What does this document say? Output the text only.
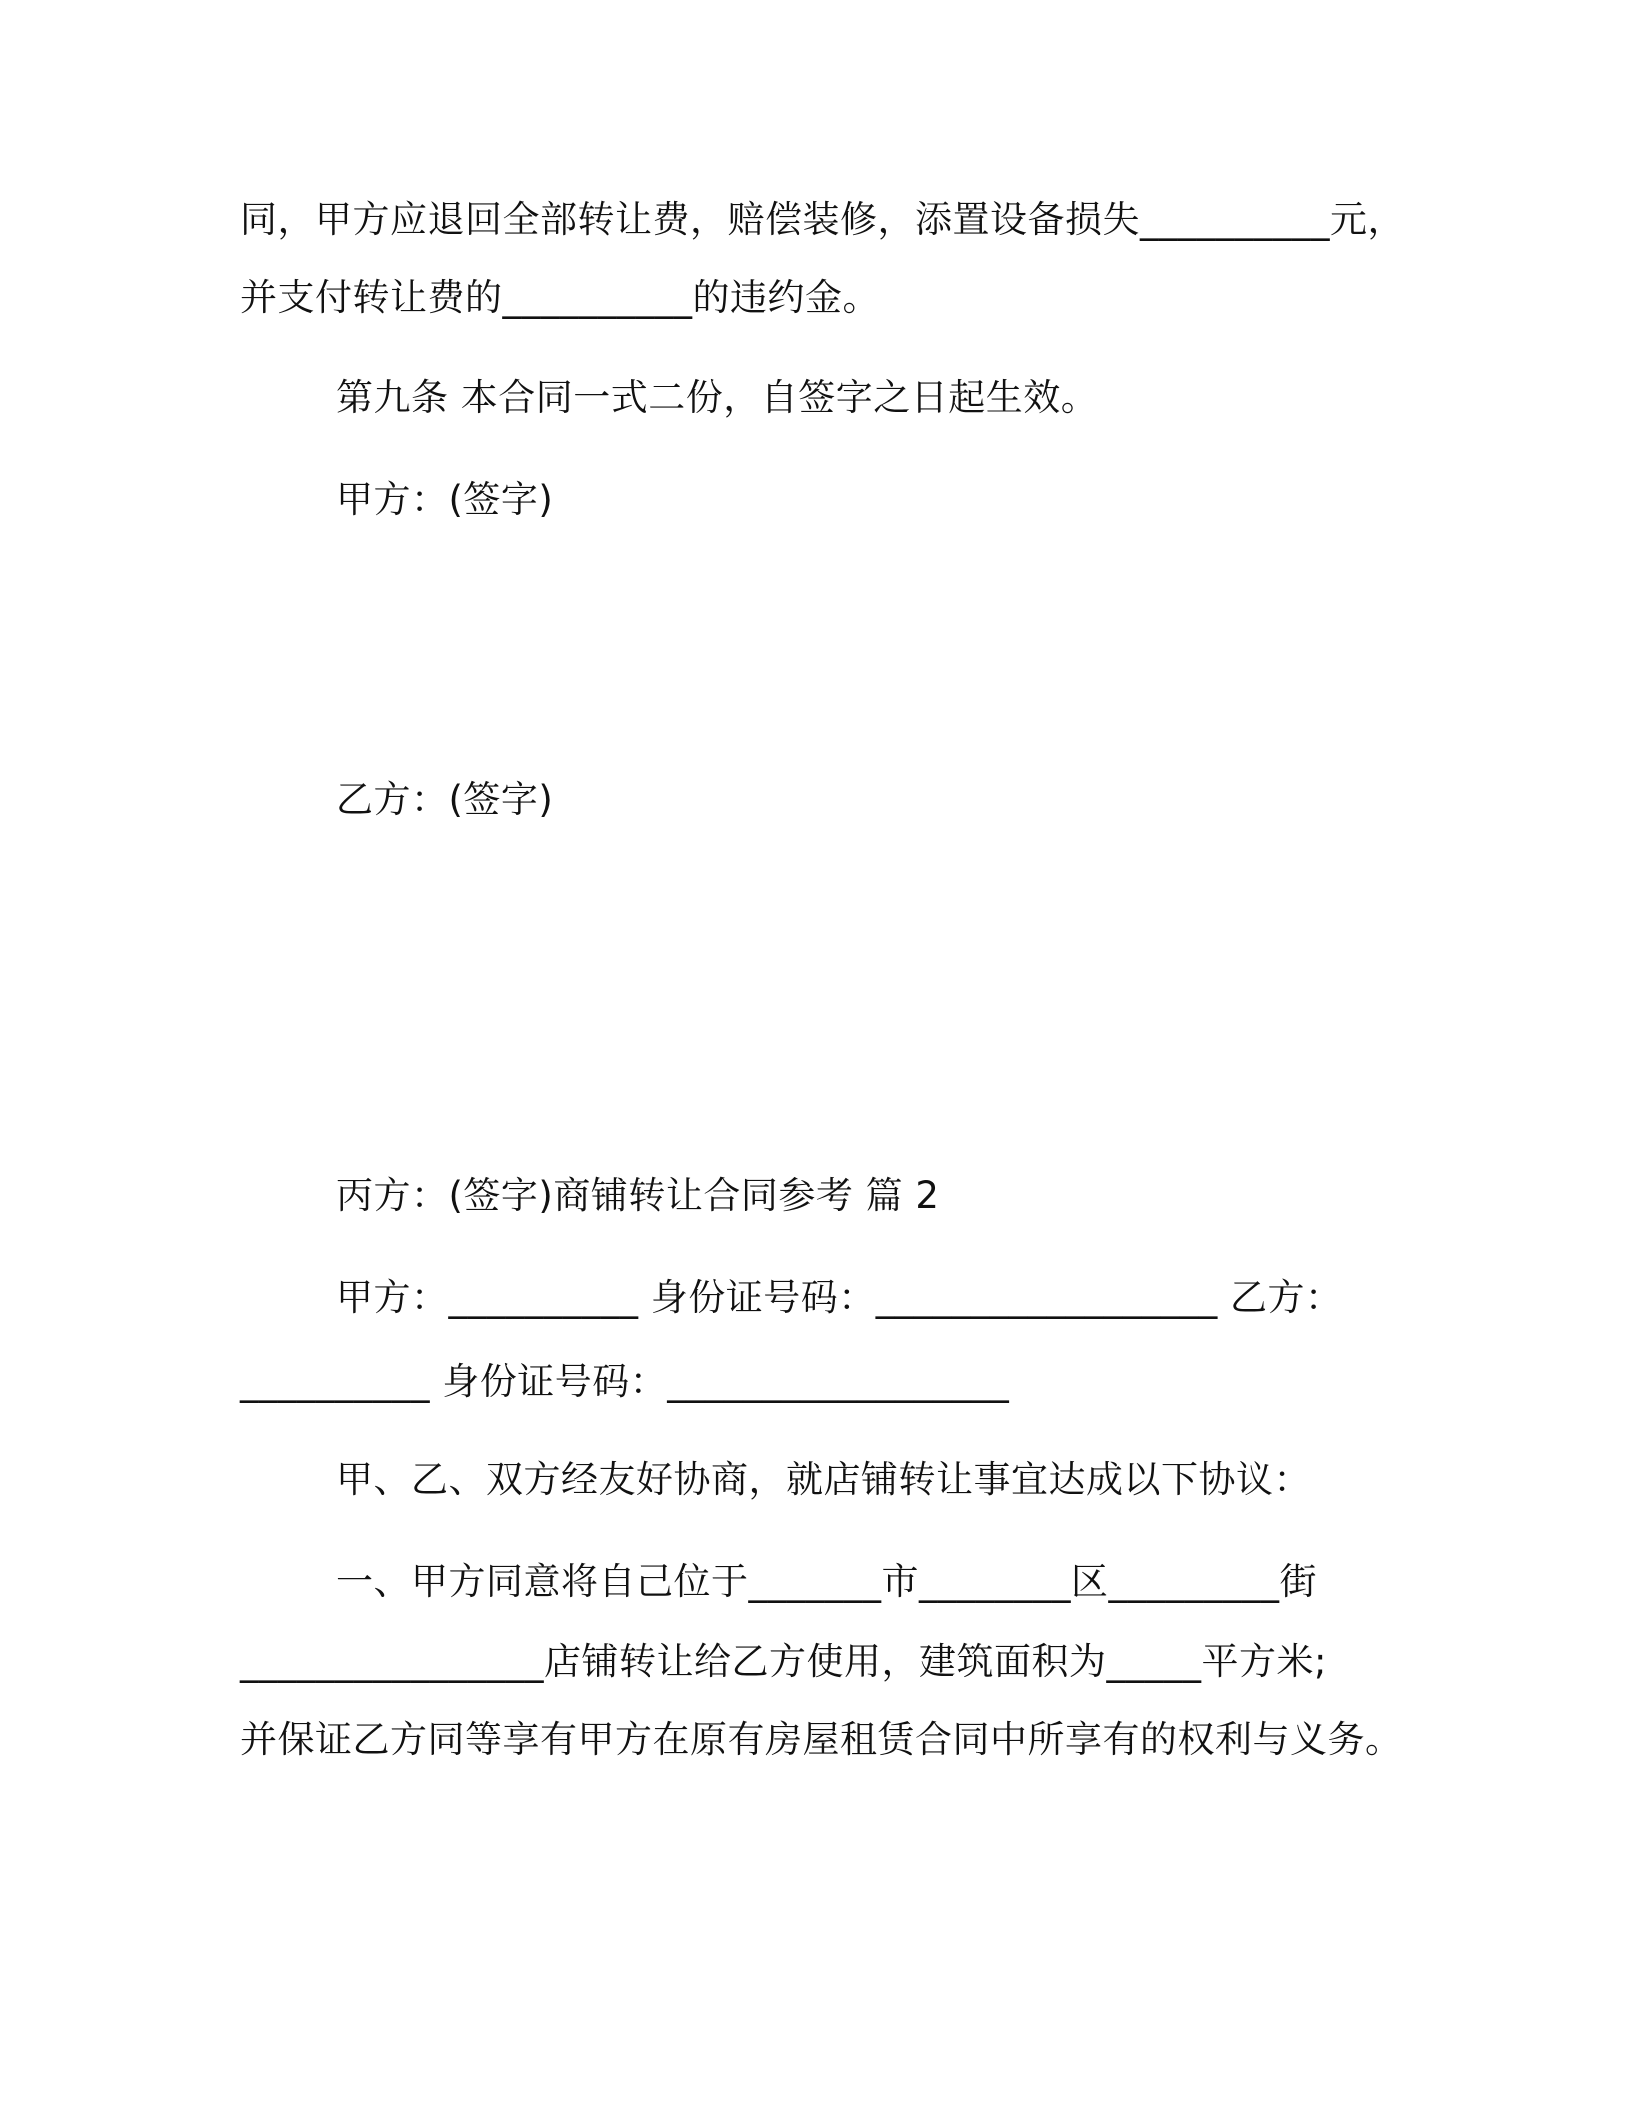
同，甲方应退回全部转让费，赔偿装修，添置设备损失__________元，
并支付转让费的__________的违约金。
第九条 本合同一式二份，自签字之日起生效。
甲方：(签字)
乙方：(签字)
丙方：(签字)商铺转让合同参考 篇 2
甲方：__________ 身份证号码：__________________ 乙方：
__________ 身份证号码：__________________
甲、乙、双方经友好协商，就店铺转让事宜达成以下协议：
一、甲方同意将自己位于_______市________区_________街
________________店铺转让给乙方使用，建筑面积为_____平方米;
并保证乙方同等享有甲方在原有房屋租赁合同中所享有的权利与义务。
